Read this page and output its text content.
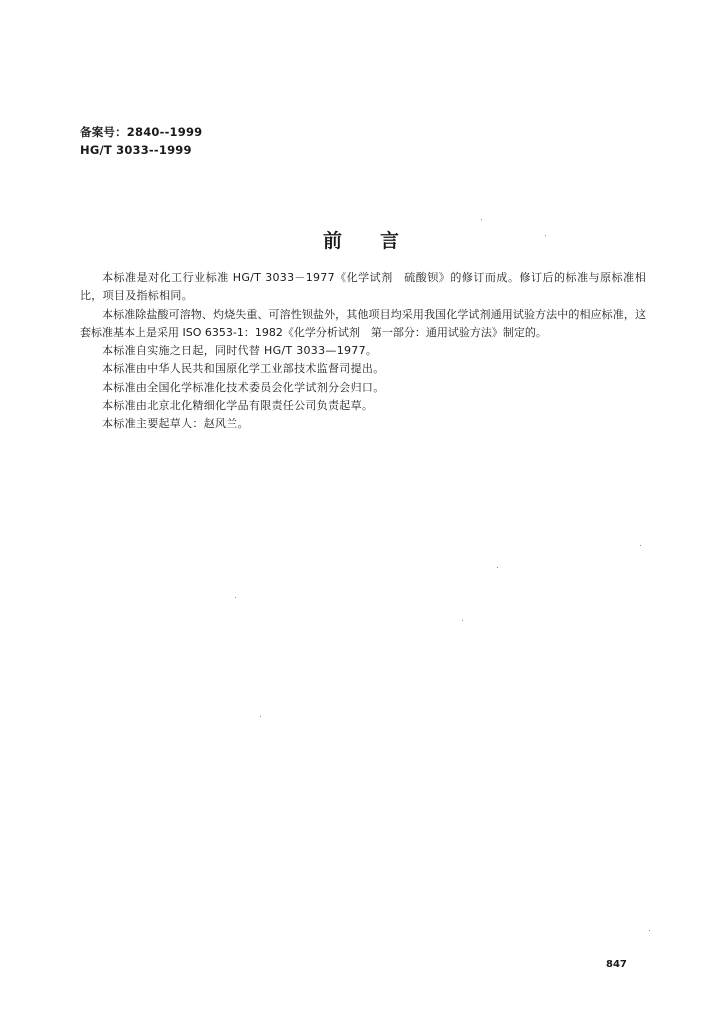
备案号：2840--1999
HG/T 3033--1999
前　　言

本标准是对化工行业标准 HG/T 3033－1977《化学试剂　硫酸钡》的修订而成。修订后的标准与原标准相比，项目及指标相同。

本标准除盐酸可溶物、灼烧失重、可溶性钡盐外，其他项目均采用我国化学试剂通用试验方法中的相应标准，这套标准基本上是采用 ISO 6353-1：1982《化学分析试剂　第一部分：通用试验方法》制定的。

本标准自实施之日起，同时代替 HG/T 3033—1977。

本标准由中华人民共和国原化学工业部技术监督司提出。

本标准由全国化学标准化技术委员会化学试剂分会归口。

本标准由北京北化精细化学品有限责任公司负责起草。

本标准主要起草人：赵风兰。

847
